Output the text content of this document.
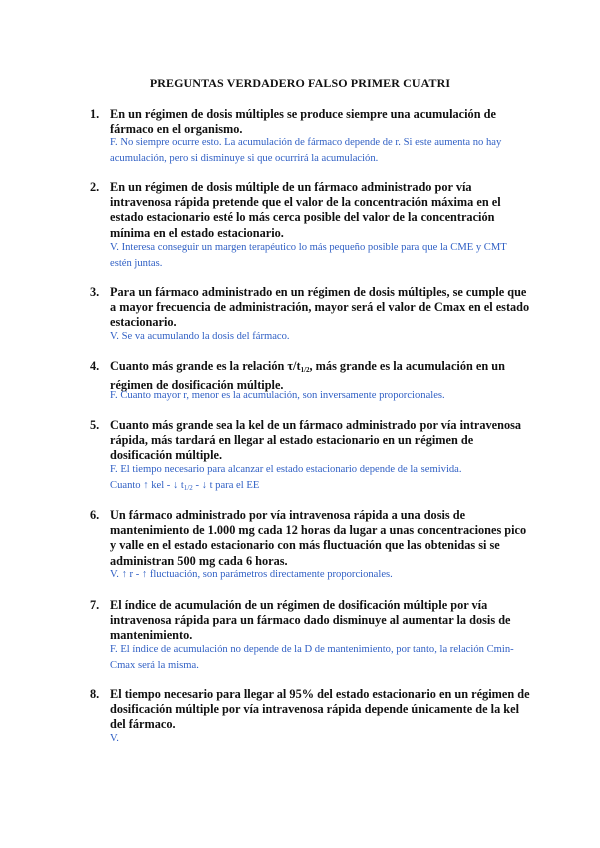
PREGUNTAS VERDADERO FALSO PRIMER CUATRI
1. En un régimen de dosis múltiples se produce siempre una acumulación de fármaco en el organismo.
F. No siempre ocurre esto. La acumulación de fármaco depende de r. Si este aumenta no hay acumulación, pero si disminuye si que ocurrirá la acumulación.
2. En un régimen de dosis múltiple de un fármaco administrado por vía intravenosa rápida pretende que el valor de la concentración máxima en el estado estacionario esté lo más cerca posible del valor de la concentración mínima en el estado estacionario.
V. Interesa conseguir un margen terapéutico lo más pequeño posible para que la CME y CMT estén juntas.
3. Para un fármaco administrado en un régimen de dosis múltiples, se cumple que a mayor frecuencia de administración, mayor será el valor de Cmax en el estado estacionario.
V. Se va acumulando la dosis del fármaco.
4. Cuanto más grande es la relación $\tau/t_{1/2}$, más grande es la acumulación en un régimen de dosificación múltiple.
F. Cuanto mayor r, menor es la acumulación, son inversamente proporcionales.
5. Cuanto más grande sea la kel de un fármaco administrado por vía intravenosa rápida, más tardará en llegar al estado estacionario en un régimen de dosificación múltiple.
F. El tiempo necesario para alcanzar el estado estacionario depende de la semivida.
Cuanto ↑ kel - ↓ $t_{1/2}$ - ↓ t para el EE
6. Un fármaco administrado por vía intravenosa rápida a una dosis de mantenimiento de 1.000 mg cada 12 horas da lugar a unas concentraciones pico y valle en el estado estacionario con más fluctuación que las obtenidas si se administran 500 mg cada 6 horas.
V. ↑ r - ↑ fluctuación, son parámetros directamente proporcionales.
7. El índice de acumulación de un régimen de dosificación múltiple por vía intravenosa rápida para un fármaco dado disminuye al aumentar la dosis de mantenimiento.
F. El índice de acumulación no depende de la D de mantenimiento, por tanto, la relación Cmin-Cmax será la misma.
8. El tiempo necesario para llegar al 95% del estado estacionario en un régimen de dosificación múltiple por vía intravenosa rápida depende únicamente de la kel del fármaco.
V.
